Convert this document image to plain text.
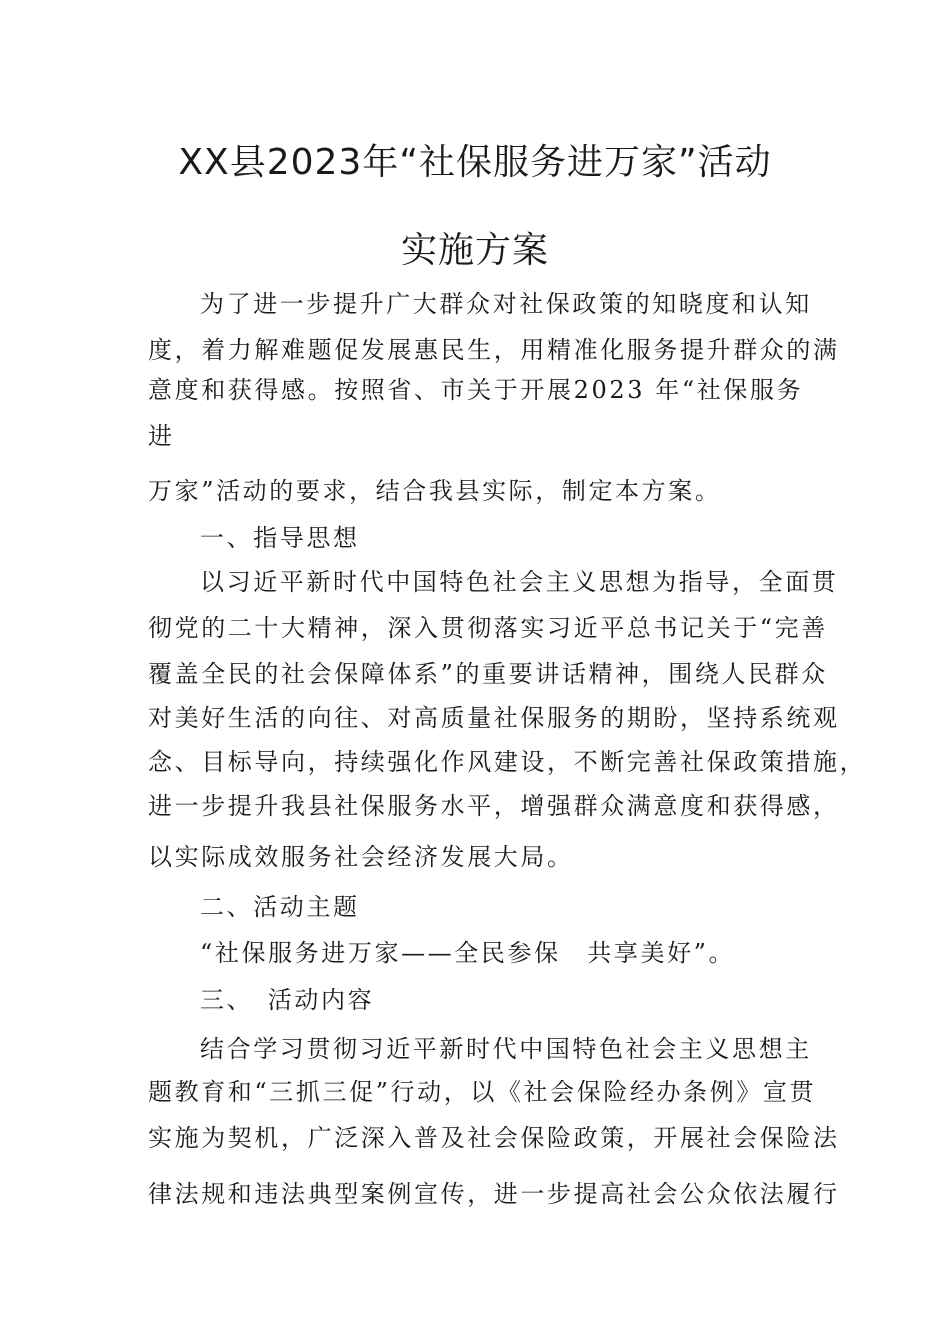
XX县2023年“社保服务进万家”活动
实施方案
为了进一步提升广大群众对社保政策的知晓度和认知
度，着力解难题促发展惠民生，用精准化服务提升群众的满
意度和获得感。按照省、市关于开展2023 年“社保服务
进
万家”活动的要求，结合我县实际，制定本方案。
一、指导思想
以习近平新时代中国特色社会主义思想为指导，全面贯
彻党的二十大精神，深入贯彻落实习近平总书记关于“完善
覆盖全民的社会保障体系”的重要讲话精神，围绕人民群众
对美好生活的向往、对高质量社保服务的期盼，坚持系统观
念、目标导向，持续强化作风建设，不断完善社保政策措施，
进一步提升我县社保服务水平，增强群众满意度和获得感，
以实际成效服务社会经济发展大局。
二、活动主题
“社保服务进万家——全民参保　共享美好”。
三、　活动内容
结合学习贯彻习近平新时代中国特色社会主义思想主
题教育和“三抓三促”行动，以《社会保险经办条例》宣贯
实施为契机，广泛深入普及社会保险政策，开展社会保险法
律法规和违法典型案例宣传，进一步提高社会公众依法履行
